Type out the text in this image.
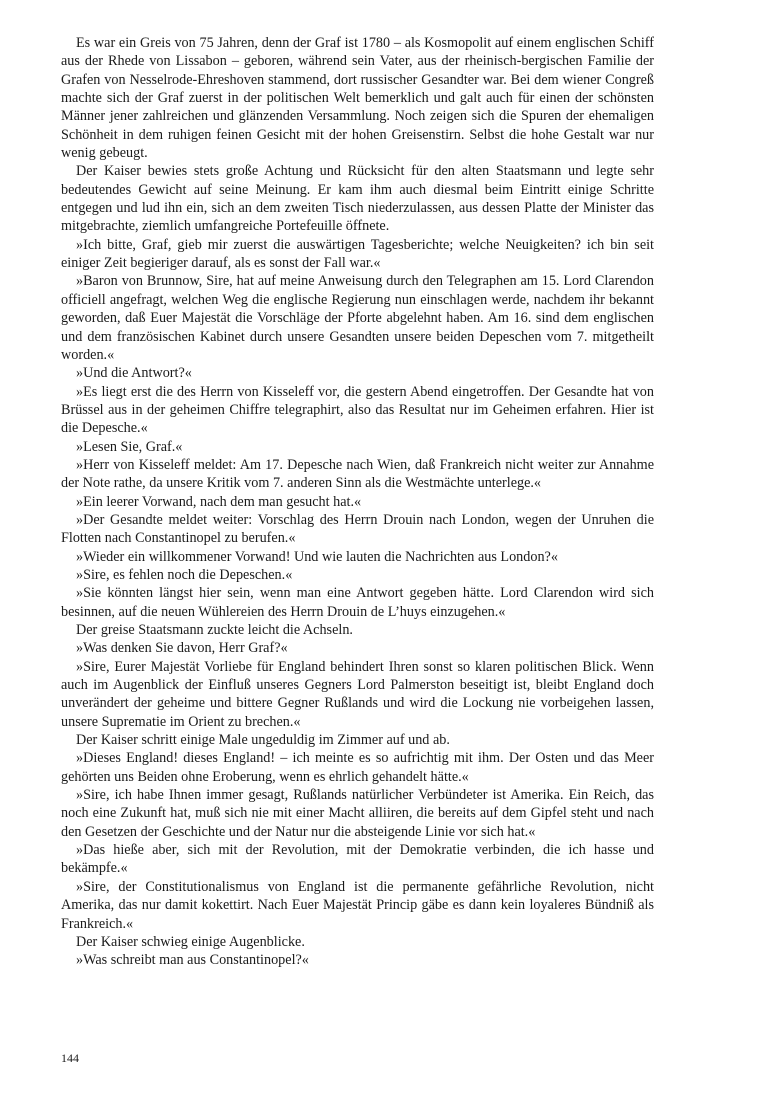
Es war ein Greis von 75 Jahren, denn der Graf ist 1780 – als Kosmopolit auf einem englischen Schiff aus der Rhede von Lissabon – geboren, während sein Vater, aus der rheinisch-bergischen Familie der Grafen von Nesselrode-Ehreshoven stammend, dort russischer Gesandter war. Bei dem wiener Congreß machte sich der Graf zuerst in der politischen Welt bemerklich und galt auch für einen der schönsten Männer jener zahlreichen und glänzenden Versammlung. Noch zeigen sich die Spuren der ehemaligen Schönheit in dem ruhigen feinen Gesicht mit der hohen Greisenstirn. Selbst die hohe Gestalt war nur wenig gebeugt.

Der Kaiser bewies stets große Achtung und Rücksicht für den alten Staatsmann und legte sehr bedeutendes Gewicht auf seine Meinung. Er kam ihm auch diesmal beim Eintritt einige Schritte entgegen und lud ihn ein, sich an dem zweiten Tisch niederzulassen, aus dessen Platte der Minister das mitgebrachte, ziemlich umfangreiche Portefeuille öffnete.

»Ich bitte, Graf, gieb mir zuerst die auswärtigen Tagesberichte; welche Neuigkeiten? ich bin seit einiger Zeit begieriger darauf, als es sonst der Fall war.«

»Baron von Brunnow, Sire, hat auf meine Anweisung durch den Telegraphen am 15. Lord Clarendon officiell angefragt, welchen Weg die englische Regierung nun einschlagen werde, nachdem ihr bekannt geworden, daß Euer Majestät die Vorschläge der Pforte abgelehnt haben. Am 16. sind dem englischen und dem französischen Kabinet durch unsere Gesandten unsere beiden Depeschen vom 7. mitgetheilt worden.«

»Und die Antwort?«

»Es liegt erst die des Herrn von Kisseleff vor, die gestern Abend eingetroffen. Der Gesandte hat von Brüssel aus in der geheimen Chiffre telegraphirt, also das Resultat nur im Geheimen erfahren. Hier ist die Depesche.«

»Lesen Sie, Graf.«

»Herr von Kisseleff meldet: Am 17. Depesche nach Wien, daß Frankreich nicht weiter zur Annahme der Note rathe, da unsere Kritik vom 7. anderen Sinn als die Westmächte unterlege.«

»Ein leerer Vorwand, nach dem man gesucht hat.«

»Der Gesandte meldet weiter: Vorschlag des Herrn Drouin nach London, wegen der Unruhen die Flotten nach Constantinopel zu berufen.«

»Wieder ein willkommener Vorwand! Und wie lauten die Nachrichten aus London?«

»Sire, es fehlen noch die Depeschen.«

»Sie könnten längst hier sein, wenn man eine Antwort gegeben hätte. Lord Clarendon wird sich besinnen, auf die neuen Wühlereien des Herrn Drouin de L’huys einzugehen.«

Der greise Staatsmann zuckte leicht die Achseln.

»Was denken Sie davon, Herr Graf?«

»Sire, Eurer Majestät Vorliebe für England behindert Ihren sonst so klaren politischen Blick. Wenn auch im Augenblick der Einfluß unseres Gegners Lord Palmerston beseitigt ist, bleibt England doch unverändert der geheime und bittere Gegner Rußlands und wird die Lockung nie vorbeigehen lassen, unsere Suprematie im Orient zu brechen.«

Der Kaiser schritt einige Male ungeduldig im Zimmer auf und ab.

»Dieses England! dieses England! – ich meinte es so aufrichtig mit ihm. Der Osten und das Meer gehörten uns Beiden ohne Eroberung, wenn es ehrlich gehandelt hätte.«

»Sire, ich habe Ihnen immer gesagt, Rußlands natürlicher Verbündeter ist Amerika. Ein Reich, das noch eine Zukunft hat, muß sich nie mit einer Macht alliiren, die bereits auf dem Gipfel steht und nach den Gesetzen der Geschichte und der Natur nur die absteigende Linie vor sich hat.«

»Das hieße aber, sich mit der Revolution, mit der Demokratie verbinden, die ich hasse und bekämpfe.«

»Sire, der Constitutionalismus von England ist die permanente gefährliche Revolution, nicht Amerika, das nur damit kokettirt. Nach Euer Majestät Princip gäbe es dann kein loyaleres Bündniß als Frankreich.«

Der Kaiser schwieg einige Augenblicke.

»Was schreibt man aus Constantinopel?«

144
